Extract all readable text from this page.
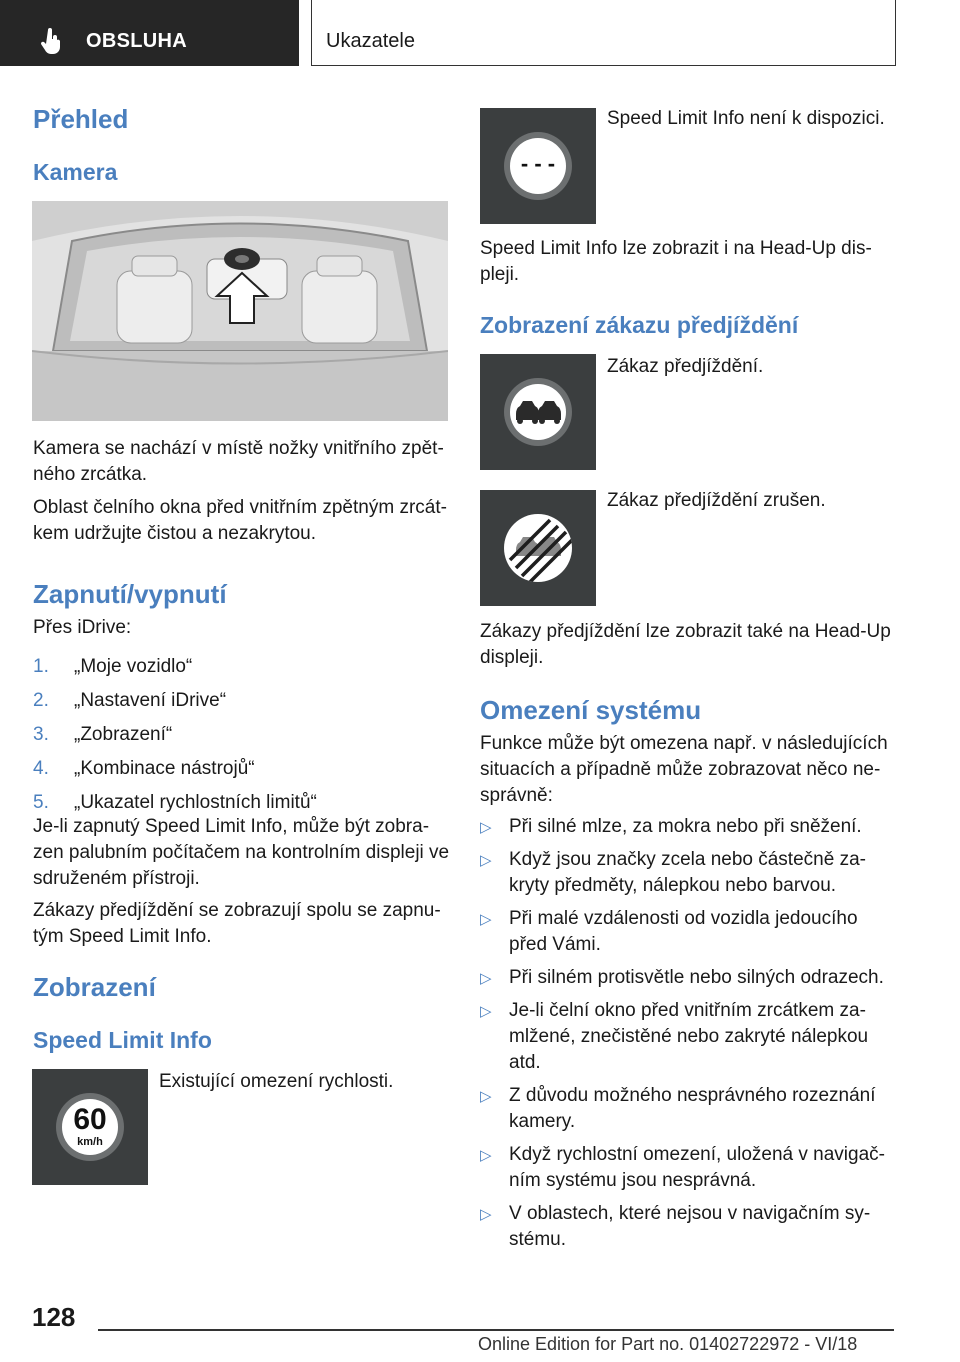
OBSLUHA	Ukazatele
Přehled
Kamera
Kamera se nachází v místě nožky vnitřního zpět‐
ného zrcátka.
Oblast čelního okna před vnitřním zpětným zrcát‐
kem udržujte čistou a nezakrytou.
Zapnutí/vypnutí
Přes iDrive:
1. „Moje vozidlo“
2. „Nastavení iDrive“
3. „Zobrazení“
4. „Kombinace nástrojů“
5. „Ukazatel rychlostních limitů“
Je-li zapnutý Speed Limit Info, může být zobra‐
zen palubním počítačem na kontrolním displeji ve
sdruženém přístroji.
Zákazy předjíždění se zobrazují spolu se zapnu‐
tým Speed Limit Info.
Zobrazení
Speed Limit Info
60
km/h
Existující omezení rychlosti.
- - -
Speed Limit Info není k dispozici.
Speed Limit Info lze zobrazit i na Head-Up dis‐
pleji.
Zobrazení zákazu předjíždění
Zákaz předjíždění.
Zákaz předjíždění zrušen.
Zákazy předjíždění lze zobrazit také na Head-Up
displeji.
Omezení systému
Funkce může být omezena např. v následujících
situacích a případně může zobrazovat něco ne‐
správně:
▷ Při silné mlze, za mokra nebo při sněžení.
▷ Když jsou značky zcela nebo částečně za‐
kryty předměty, nálepkou nebo barvou.
▷ Při malé vzdálenosti od vozidla jedoucího
před Vámi.
▷ Při silném protisvětle nebo silných odrazech.
▷ Je-li čelní okno před vnitřním zrcátkem za‐
mlžené, znečistěné nebo zakryté nálepkou
atd.
▷ Z důvodu možného nesprávného rozeznání
kamery.
▷ Když rychlostní omezení, uložená v navigač‐
ním systému jsou nesprávná.
▷ V oblastech, které nejsou v navigačním sy‐
stému.
128
Online Edition for Part no. 01402722972 - VI/18
